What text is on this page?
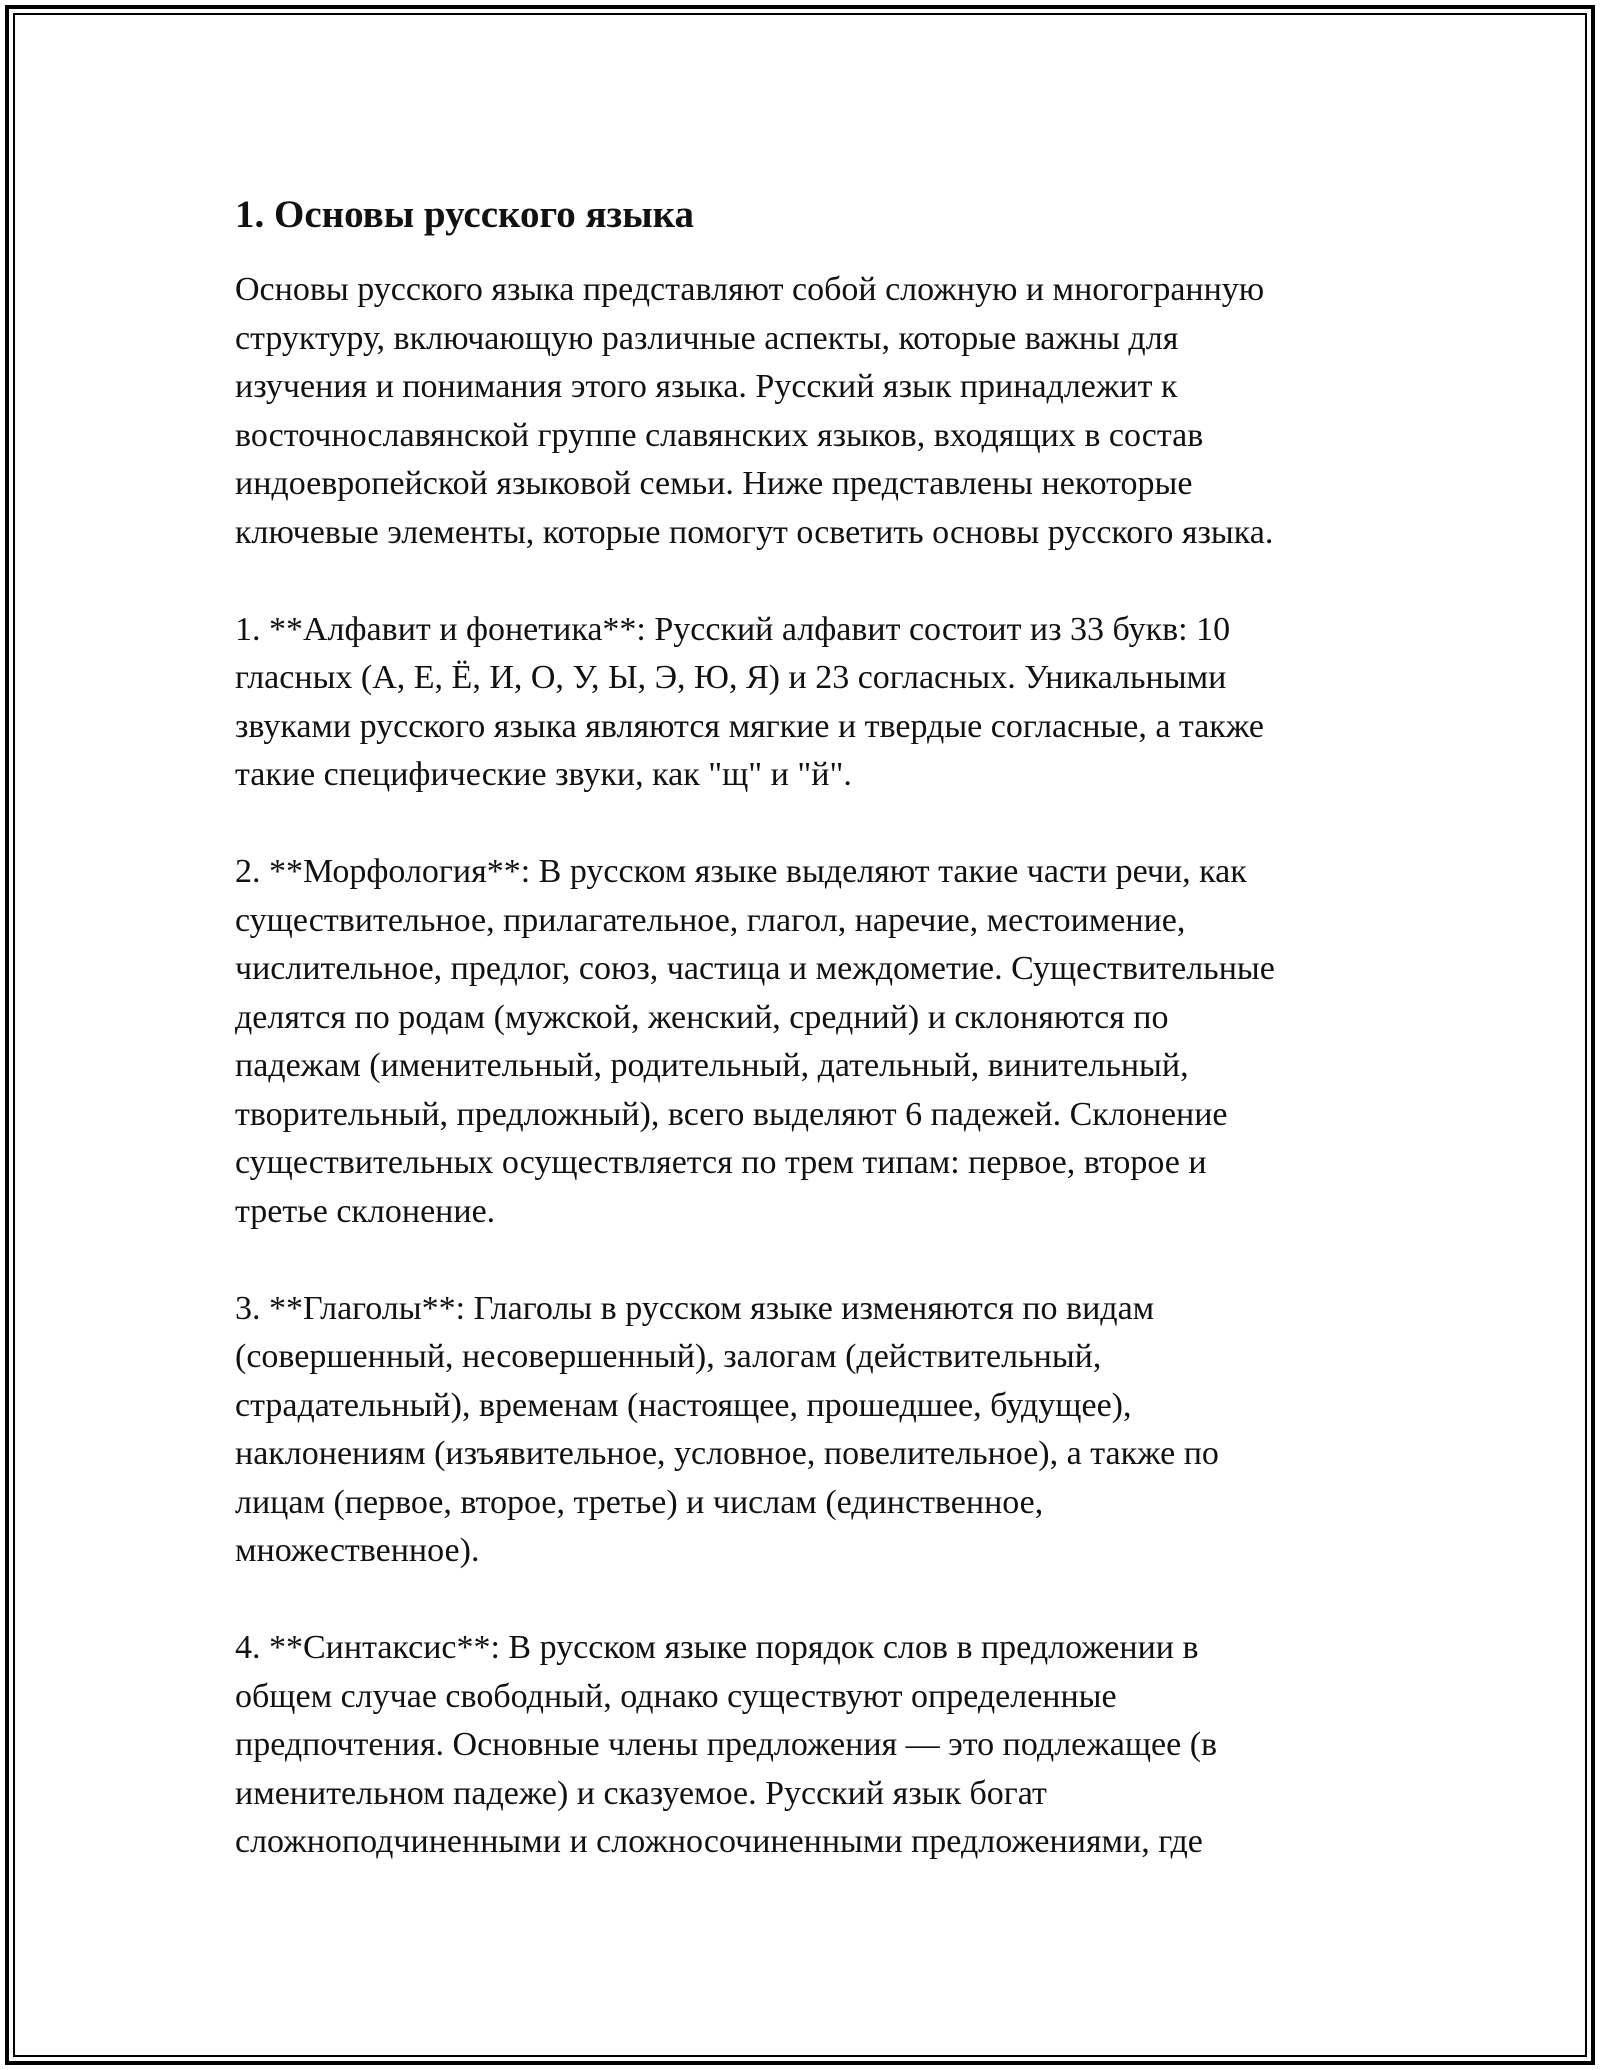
1. Основы русского языка

Основы русского языка представляют собой сложную и многогранную
структуру, включающую различные аспекты, которые важны для
изучения и понимания этого языка. Русский язык принадлежит к
восточнославянской группе славянских языков, входящих в состав
индоевропейской языковой семьи. Ниже представлены некоторые
ключевые элементы, которые помогут осветить основы русского языка.

1. **Алфавит и фонетика**: Русский алфавит состоит из 33 букв: 10
гласных (А, Е, Ё, И, О, У, Ы, Э, Ю, Я) и 23 согласных. Уникальными
звуками русского языка являются мягкие и твердые согласные, а также
такие специфические звуки, как "щ" и "й".

2. **Морфология**: В русском языке выделяют такие части речи, как
существительное, прилагательное, глагол, наречие, местоимение,
числительное, предлог, союз, частица и междометие. Существительные
делятся по родам (мужской, женский, средний) и склоняются по
падежам (именительный, родительный, дательный, винительный,
творительный, предложный), всего выделяют 6 падежей. Склонение
существительных осуществляется по трем типам: первое, второе и
третье склонение.

3. **Глаголы**: Глаголы в русском языке изменяются по видам
(совершенный, несовершенный), залогам (действительный,
страдательный), временам (настоящее, прошедшее, будущее),
наклонениям (изъявительное, условное, повелительное), а также по
лицам (первое, второе, третье) и числам (единственное,
множественное).

4. **Синтаксис**: В русском языке порядок слов в предложении в
общем случае свободный, однако существуют определенные
предпочтения. Основные члены предложения — это подлежащее (в
именительном падеже) и сказуемое. Русский язык богат
сложноподчиненными и сложносочиненными предложениями, где
